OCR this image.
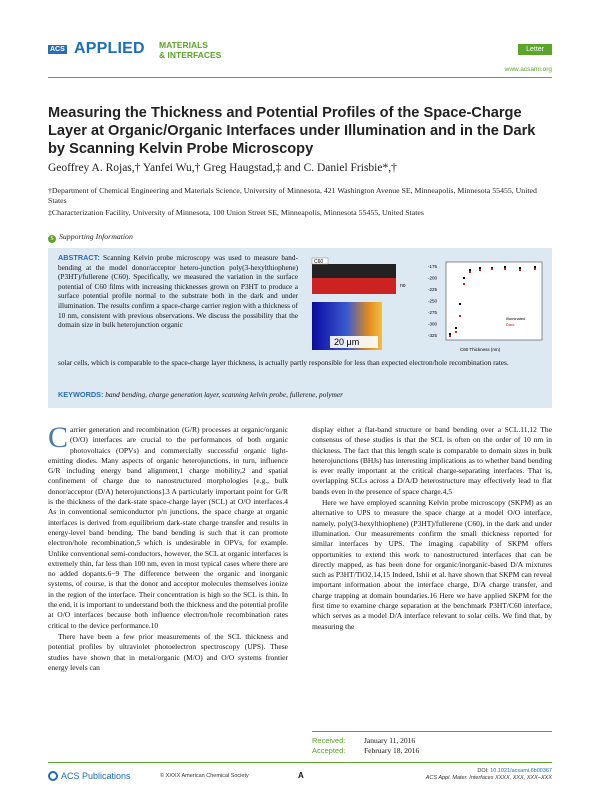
ACS APPLIED MATERIALS
& INTERFACES
Letter
www.acsami.org
Measuring the Thickness and Potential Profiles of the Space-Charge Layer at Organic/Organic Interfaces under Illumination and in the Dark by Scanning Kelvin Probe Microscopy
Geoffrey A. Rojas,† Yanfei Wu,† Greg Haugstad,‡ and C. Daniel Frisbie*,†
†Department of Chemical Engineering and Materials Science, University of Minnesota, 421 Washington Avenue SE, Minneapolis, Minnesota 55455, United States
‡Characterization Facility, University of Minnesota, 100 Union Street SE, Minneapolis, Minnesota 55455, United States
S Supporting Information
ABSTRACT: Scanning Kelvin probe microscopy was used to measure band-bending at the model donor/acceptor hetero-junction poly(3-hexylthiophene) (P3HT)/fullerene (C60). Specifically, we measured the variation in the surface potential of C60 films with increasing thicknesses grown on P3HT to produce a surface potential profile normal to the substrate both in the dark and under illumination. The results confirm a space-charge carrier region with a thickness of 10 nm, consistent with previous observations. We discuss the possibility that the domain size in bulk heterojunction organic
solar cells, which is comparable to the space-charge layer thickness, is actually partly responsible for less than expected electron/hole recombination rates.
KEYWORDS: band bending, charge generation layer, scanning kelvin probe, fullerene, polymer
C60
no
20 μm
-175
-200
-225
-250
-275
-300
-325
C60 Thickness (nm)
Illuminated
Dark

Carrier generation and recombination (G/R) processes at organic/organic (O/O) interfaces are crucial to the performances of both organic photovoltaics (OPVs) and commercially successful organic light-emitting diodes. Many aspects of organic heterojunctions, in turn, influence G/R including energy band alignment,1 charge mobility,2 and spatial confinement of charge due to nanostructured morphologies [e.g., bulk donor/acceptor (D/A) heterojunctions].3 A particularly important point for G/R is the thickness of the dark-state space-charge layer (SCL) at O/O interfaces.4 As in conventional semiconductor p/n junctions, the space charge at organic interfaces is derived from equilibrium dark-state charge transfer and results in energy-level band bending. The band bending is such that it can promote electron/hole recombination,5 which is undesirable in OPVs, for example. Unlike conventional semi-conductors, however, the SCL at organic interfaces is extremely thin, far less than 100 nm, even in most typical cases where there are no added dopants.6−9 The difference between the organic and inorganic systems, of course, is that the donor and acceptor molecules themselves ionize in the region of the interface. Their concentration is high so the SCL is thin. In the end, it is important to understand both the thickness and the potential profile at O/O interfaces because both influence electron/hole recombination rates critical to the device performance.10

There have been a few prior measurements of the SCL thickness and potential profiles by ultraviolet photoelectron spectroscopy (UPS). These studies have shown that in metal/organic (M/O) and O/O systems frontier energy levels can

display either a flat-band structure or band bending over a SCL.11,12 The consensus of these studies is that the SCL is often on the order of 10 nm in thickness. The fact that this length scale is comparable to domain sizes in bulk heterojunctions (BHJs) has interesting implications as to whether band bending is ever really important at the critical charge-separating interfaces. That is, overlapping SCLs across a D/A/D heterostructure may effectively lead to flat bands even in the presence of space charge.4,5

Here we have employed scanning Kelvin probe microscopy (SKPM) as an alternative to UPS to measure the space charge at a model O/O interface, namely, poly(3-hexylthiophene) (P3HT)/fullerene (C60), in the dark and under illumination. Our measurements confirm the small thickness reported for similar interfaces by UPS. The imaging capability of SKPM offers opportunities to extend this work to nanostructured interfaces that can be directly mapped, as has been done for organic/inorganic-based D/A mixtures such as P3HT/TiO2.14,15 Indeed, Ishii et al. have shown that SKPM can reveal important information about the interface charge, D/A charge transfer, and charge trapping at domain boundaries.16 Here we have applied SKPM for the first time to examine charge separation at the benchmark P3HT/C60 interface, which serves as a model D/A interface relevant to solar cells. We find that, by measuring the

Received: January 11, 2016
Accepted: February 18, 2016
ACS Publications	© XXXX American Chemical Society	A	DOI: 10.1021/acsami.6b00367
ACS Appl. Mater. Interfaces XXXX, XXX, XXX−XXX
